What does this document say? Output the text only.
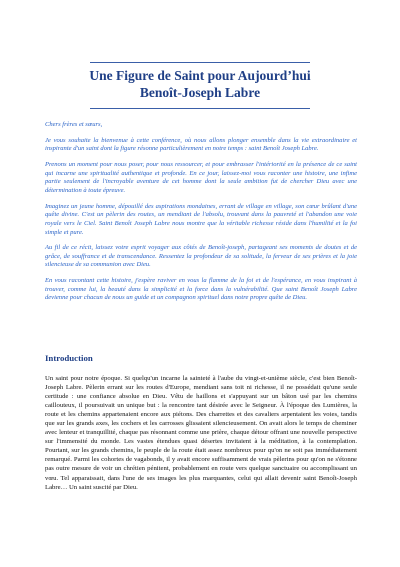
Une Figure de Saint pour Aujourd’hui
Benoît-Joseph Labre

Chers frères et sœurs,

Je vous souhaite la bienvenue à cette conférence, où nous allons plonger ensemble dans la vie extraordinaire et inspirante d'un saint dont la figure résonne particulièrement en notre temps : saint Benoît Joseph Labre.

Prenons un moment pour nous poser, pour nous ressourcer, et pour embrasser l'intériorité en la présence de ce saint qui incarne une spiritualité authentique et profonde. En ce jour, laissez-moi vous raconter une histoire, une infime partie seulement de l'incroyable aventure de cet homme dont la seule ambition fut de chercher Dieu avec une détermination à toute épreuve.

Imaginez un jeune homme, dépouillé des aspirations mondaines, errant de village en village, son cœur brûlant d'une quête divine. C'est un pèlerin des routes, un mendiant de l'absolu, trouvant dans la pauvreté et l'abandon une voie royale vers le Ciel. Saint Benoît Joseph Labre nous montre que la véritable richesse réside dans l'humilité et la foi simple et pure.

Au fil de ce récit, laissez votre esprit voyager aux côtés de Benoît-joseph, partageant ses moments de doutes et de grâce, de souffrance et de transcendance. Ressentez la profondeur de sa solitude, la ferveur de ses prières et la joie silencieuse de sa communion avec Dieu.

En vous racontant cette histoire, j'espère raviver en vous la flamme de la foi et de l'espérance, en vous inspirant à trouver, comme lui, la beauté dans la simplicité et la force dans la vulnérabilité. Que saint Benoît Joseph Labre devienne pour chacun de nous un guide et un compagnon spirituel dans notre propre quête de Dieu.

Introduction

Un saint pour notre époque. Si quelqu'un incarne la sainteté à l'aube du vingt-et-unième siècle, c'est bien Benoît-Joseph Labre. Pèlerin errant sur les routes d'Europe, mendiant sans toit ni richesse, il ne possédait qu'une seule certitude : une confiance absolue en Dieu. Vêtu de haillons et s'appuyant sur un bâton usé par les chemins caillouteux, il poursuivait un unique but : la rencontre tant désirée avec le Seigneur. À l'époque des Lumières, la route et les chemins appartenaient encore aux piétons. Des charrettes et des cavaliers arpentaient les voies, tandis que sur les grands axes, les cochers et les carrosses glissaient silencieusement. On avait alors le temps de cheminer avec lenteur et tranquillité, chaque pas résonnant comme une prière, chaque détour offrant une nouvelle perspective sur l'immensité du monde. Les vastes étendues quasi désertes invitaient à la méditation, à la contemplation. Pourtant, sur les grands chemins, le peuple de la route était assez nombreux pour qu'on ne soit pas immédiatement remarqué. Parmi les cohortes de vagabonds, il y avait encore suffisamment de vrais pèlerins pour qu'on ne s'étonne pas outre mesure de voir un chrétien pénitent, probablement en route vers quelque sanctuaire ou accomplissant un vœu. Tel apparaissait, dans l'une de ses images les plus marquantes, celui qui allait devenir saint Benoît-Joseph Labre… Un saint suscité par Dieu.
